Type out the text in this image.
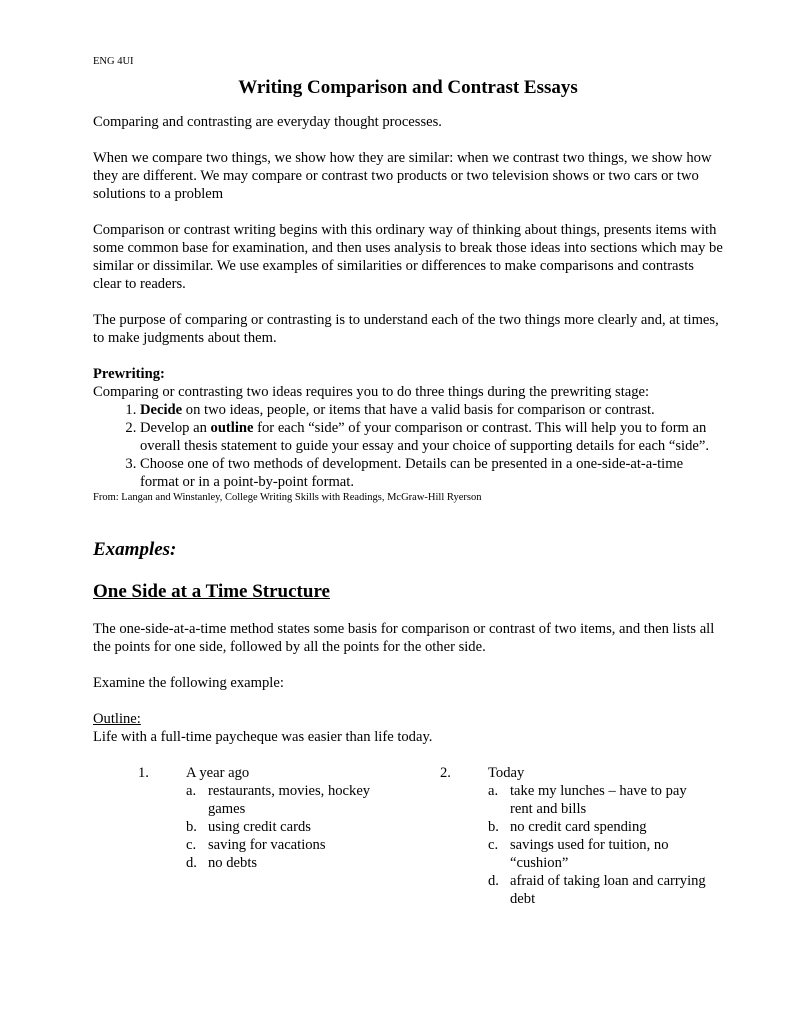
ENG 4UI

Writing Comparison and Contrast Essays

Comparing and contrasting are everyday thought processes.

When we compare two things, we show how they are similar: when we contrast two things, we show how they are different. We may compare or contrast two products or two television shows or two cars or two solutions to a problem

Comparison or contrast writing begins with this ordinary way of thinking about things, presents items with some common base for examination, and then uses analysis to break those ideas into sections which may be similar or dissimilar. We use examples of similarities or differences to make comparisons and contrasts clear to readers.

The purpose of comparing or contrasting is to understand each of the two things more clearly and, at times, to make judgments about them.

Prewriting:

Comparing or contrasting two ideas requires you to do three things during the prewriting stage:

1. Decide on two ideas, people, or items that have a valid basis for comparison or contrast.
2. Develop an outline for each “side” of your comparison or contrast. This will help you to form an overall thesis statement to guide your essay and your choice of supporting details for each “side”.
3. Choose one of two methods of development. Details can be presented in a one-side-at-a-time format or in a point-by-point format.

From: Langan and Winstanley, College Writing Skills with Readings, McGraw-Hill Ryerson

Examples:
One Side at a Time Structure

The one-side-at-a-time method states some basis for comparison or contrast of two items, and then lists all the points for one side, followed by all the points for the other side.

Examine the following example:

Outline:

Life with a full-time paycheque was easier than life today.

1.	A year ago
a. restaurants, movies, hockey games
b. using credit cards
c. saving for vacations
d. no debts
2.	Today
a. take my lunches – have to pay rent and bills
b. no credit card spending
c. savings used for tuition, no “cushion”
d. afraid of taking loan and carrying debt
